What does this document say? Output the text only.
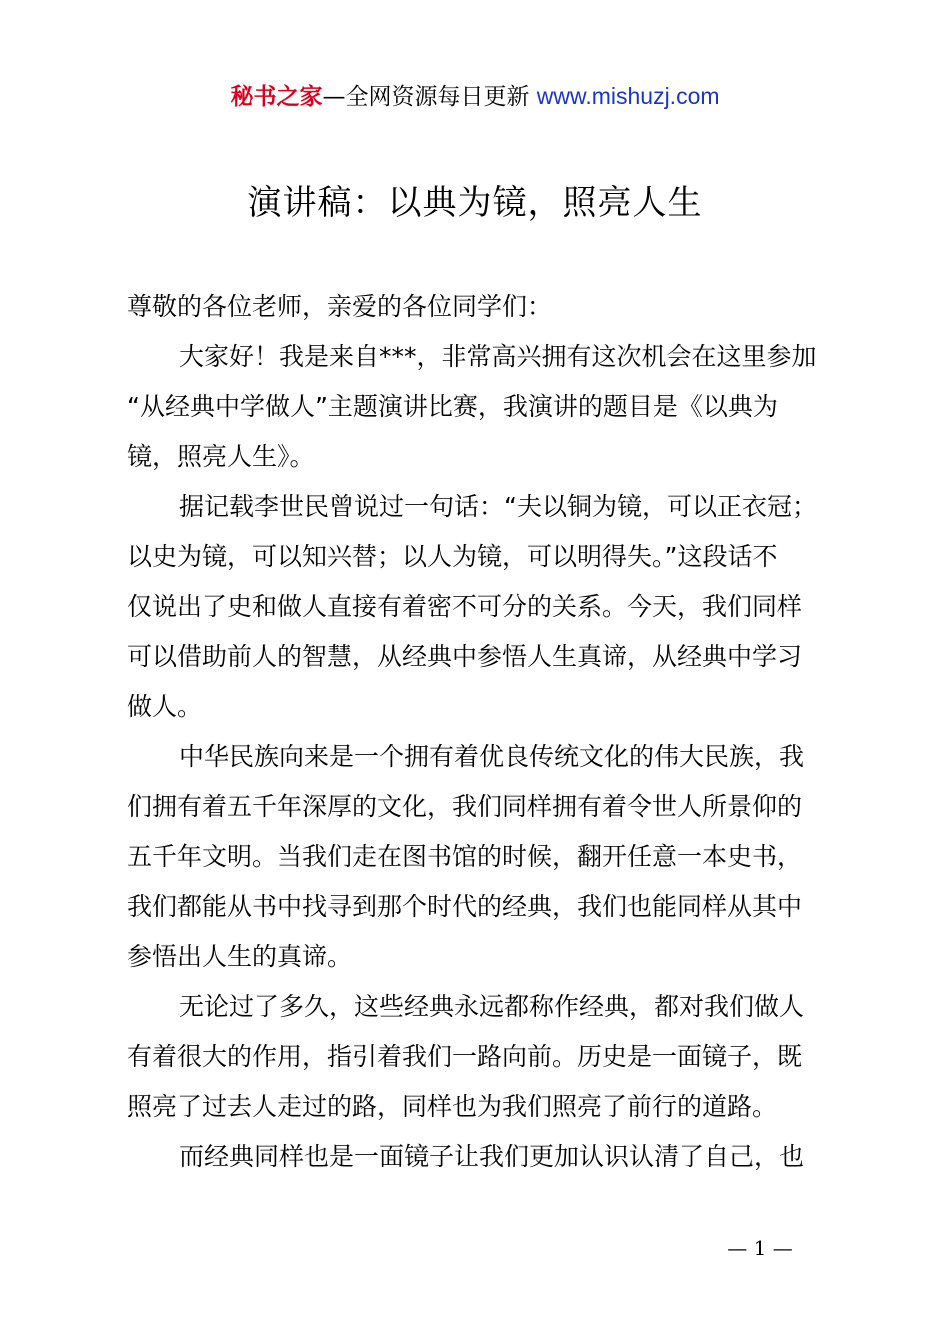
秘书之家—全网资源每日更新 www.mishuzj.com
演讲稿：以典为镜，照亮人生
尊敬的各位老师，亲爱的各位同学们：
大家好！我是来自***，非常高兴拥有这次机会在这里参加
“从经典中学做人”主题演讲比赛，我演讲的题目是《以典为
镜，照亮人生》。
据记载李世民曾说过一句话：“夫以铜为镜，可以正衣冠；
以史为镜，可以知兴替；以人为镜，可以明得失。”这段话不
仅说出了史和做人直接有着密不可分的关系。今天，我们同样
可以借助前人的智慧，从经典中参悟人生真谛，从经典中学习
做人。
中华民族向来是一个拥有着优良传统文化的伟大民族，我
们拥有着五千年深厚的文化，我们同样拥有着令世人所景仰的
五千年文明。当我们走在图书馆的时候，翻开任意一本史书，
我们都能从书中找寻到那个时代的经典，我们也能同样从其中
参悟出人生的真谛。
无论过了多久，这些经典永远都称作经典，都对我们做人
有着很大的作用，指引着我们一路向前。历史是一面镜子，既
照亮了过去人走过的路，同样也为我们照亮了前行的道路。
而经典同样也是一面镜子让我们更加认识认清了自己，也
— 1 —
